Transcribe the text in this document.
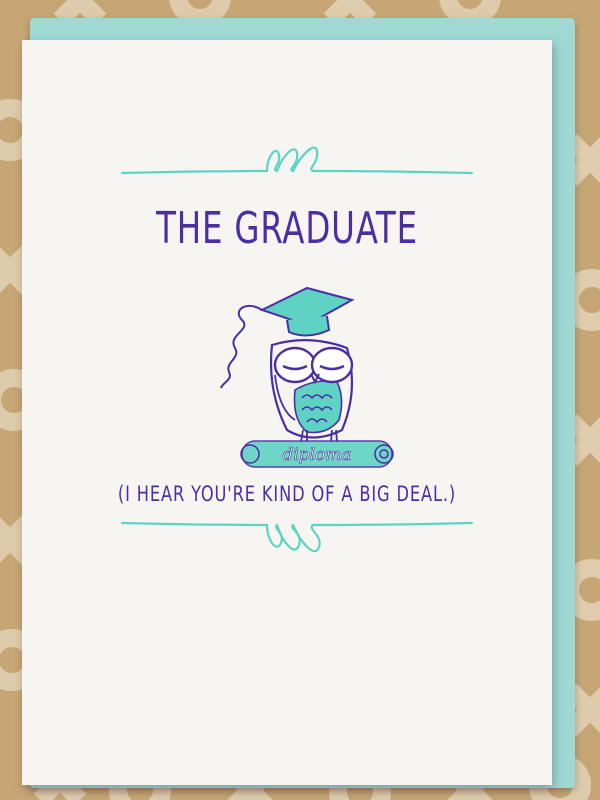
THE GRADUATE
diploma
(I HEAR YOU'RE KIND OF A BIG DEAL.)
